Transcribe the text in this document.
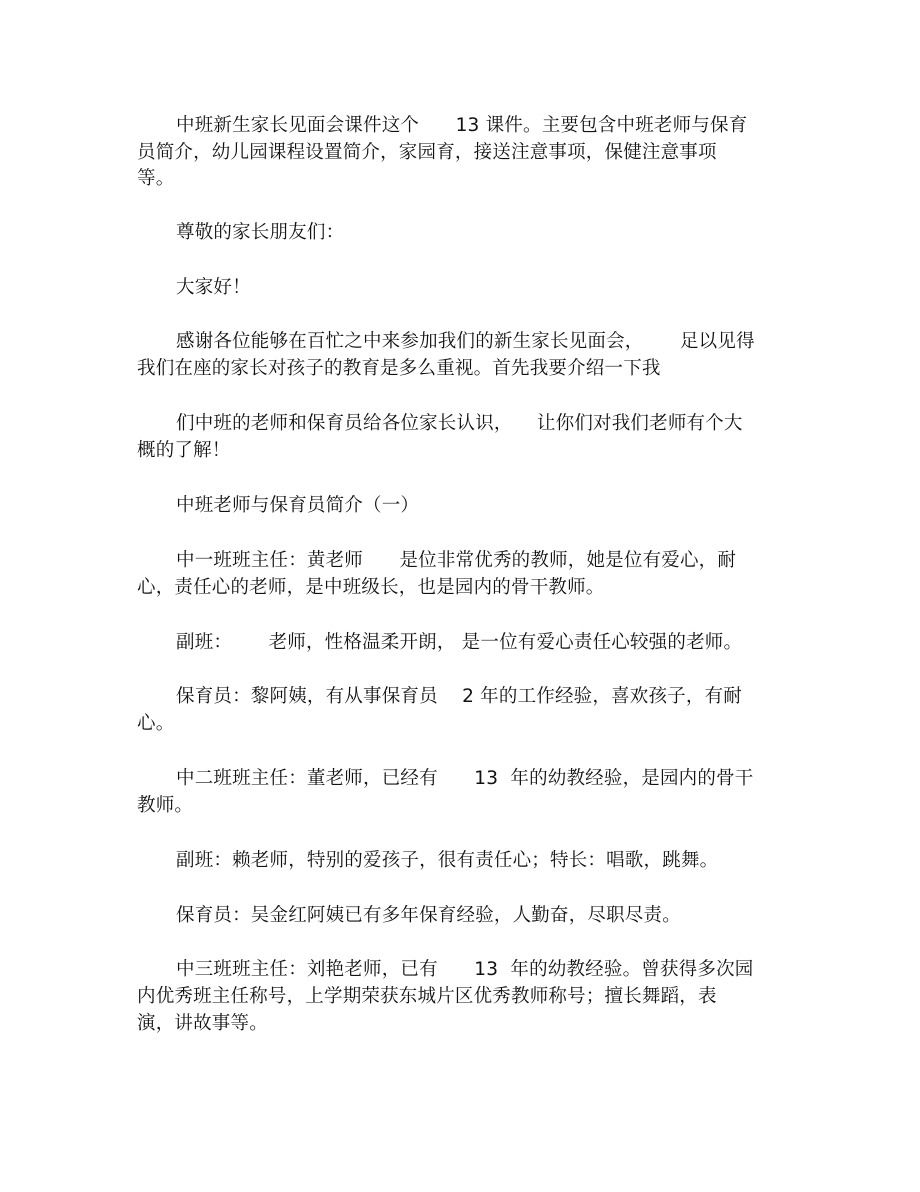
中班新生家长见面会课件这个      13 课件。主要包含中班老师与保育
员简介，幼儿园课程设置简介，家园育，接送注意事项，保健注意事项
等。
尊敬的家长朋友们：
大家好！
感谢各位能够在百忙之中来参加我们的新生家长见面会，      足以见得
我们在座的家长对孩子的教育是多么重视。首先我要介绍一下我
们中班的老师和保育员给各位家长认识，    让你们对我们老师有个大
概的了解！
中班老师与保育员简介（一）
中一班班主任：黄老师      是位非常优秀的教师，她是位有爱心，耐
心，责任心的老师，是中班级长，也是园内的骨干教师。
副班：      老师，性格温柔开朗， 是一位有爱心责任心较强的老师。
保育员：黎阿姨，有从事保育员    2 年的工作经验，喜欢孩子，有耐
心。
中二班班主任：董老师，已经有      13  年的幼教经验，是园内的骨干
教师。
副班：赖老师，特别的爱孩子，很有责任心；特长：唱歌，跳舞。
保育员：吴金红阿姨已有多年保育经验，人勤奋，尽职尽责。
中三班班主任：刘艳老师，已有      13  年的幼教经验。曾获得多次园
内优秀班主任称号，上学期荣获东城片区优秀教师称号；擅长舞蹈，表
演，讲故事等。
